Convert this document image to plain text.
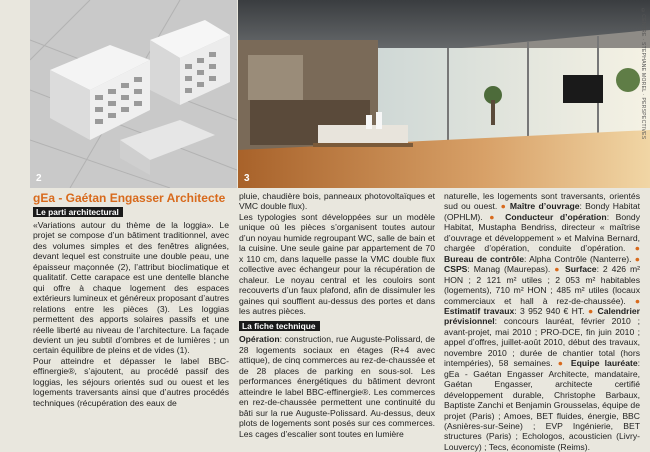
2	3
©CENTRE · STEPHANE MOREL · PERSPECTIVES

gEa - Gaétan Engasser Architecte

Le parti architectural

«Variations autour du thème de la loggia». Le projet se compose d’un bâtiment traditionnel, avec des volumes simples et des fenêtres alignées, devant lequel est construite une double peau, une épaisseur maçonnée (2), l’attribut bioclimatique et qualitatif. Cette carapace est une dentelle blanche qui offre à chaque logement des espaces extérieurs lumineux et généreux proposant d’autres relations entre les pièces (3). Les loggias permettent des apports solaires passifs et une réelle liberté au niveau de l’architecture. La façade devient un jeu subtil d’ombres et de lumières ; un certain équilibre de pleins et de vides (1).
Pour atteindre et dépasser le label BBC-effinergie®, s’ajoutent, au procédé passif des loggias, les séjours orientés sud ou ouest et les logements traversants ainsi que d’autres procédés techniques (récupération des eaux de

pluie, chaudière bois, panneaux photovoltaïques et VMC double flux).
Les typologies sont développées sur un modèle unique où les pièces s’organisent toutes autour d’un noyau humide regroupant WC, salle de bain et la cuisine. Une seule gaine par appartement de 70 x 110 cm, dans laquelle passe la VMC double flux collective avec échangeur pour la récupération de chaleur. Le noyau central et les couloirs sont recouverts d’un faux plafond, afin de dissimuler les gaines qui soufflent au-dessus des portes et dans les autres pièces.

La fiche technique

Opération: construction, rue Auguste-Polissard, de 28 logements sociaux en étages (R+4 avec attique), de cinq commerces au rez-de-chaussée et de 28 places de parking en sous-sol. Les performances énergétiques du bâtiment devront atteindre le label BBC-effinergie®. Les commerces en rez-de-chaussée permettent une continuité du bâti sur la rue Auguste-Polissard. Au-dessus, deux plots de logements sont posés sur ces commerces. Les cages d’escalier sont toutes en lumière

naturelle, les logements sont traversants, orientés sud ou ouest. ● Maître d’ouvrage: Bondy Habitat (OPHLM). ● Conducteur d’opération: Bondy Habitat, Mustapha Bendriss, directeur « maîtrise d’ouvrage et développement » et Malvina Bernard, chargée d’opération, conduite d’opération. ● Bureau de contrôle: Alpha Contrôle (Nanterre). ● CSPS: Manag (Maurepas). ● Surface: 2 426 m² HON ; 2 121 m² utiles ; 2 053 m² habitables (logements), 710 m² HON ; 485 m² utiles (locaux commerciaux et hall à rez-de-chaussée). ● Estimatif travaux: 3 952 940 € HT. ● Calendrier prévisionnel: concours lauréat, février 2010 ; avant-projet, mai 2010 ; PRO-DCE, fin juin 2010 ; appel d’offres, juillet-août 2010, début des travaux, novembre 2010 ; durée de chantier total (hors intempéries), 58 semaines. ● Equipe lauréate: gEa - Gaétan Engasser Architecte, mandataire, Gaétan Engasser, architecte certifié développement durable, Christophe Barbaux, Baptiste Zanchi et Benjamin Grousselas, équipe de projet (Paris) ; Amoes, BET fluides, énergie, BBC (Asnières-sur-Seine) ; EVP Ingénierie, BET structures (Paris) ; Echologos, acousticien (Livry-Louvercy) ; Tecs, économiste (Reims).
